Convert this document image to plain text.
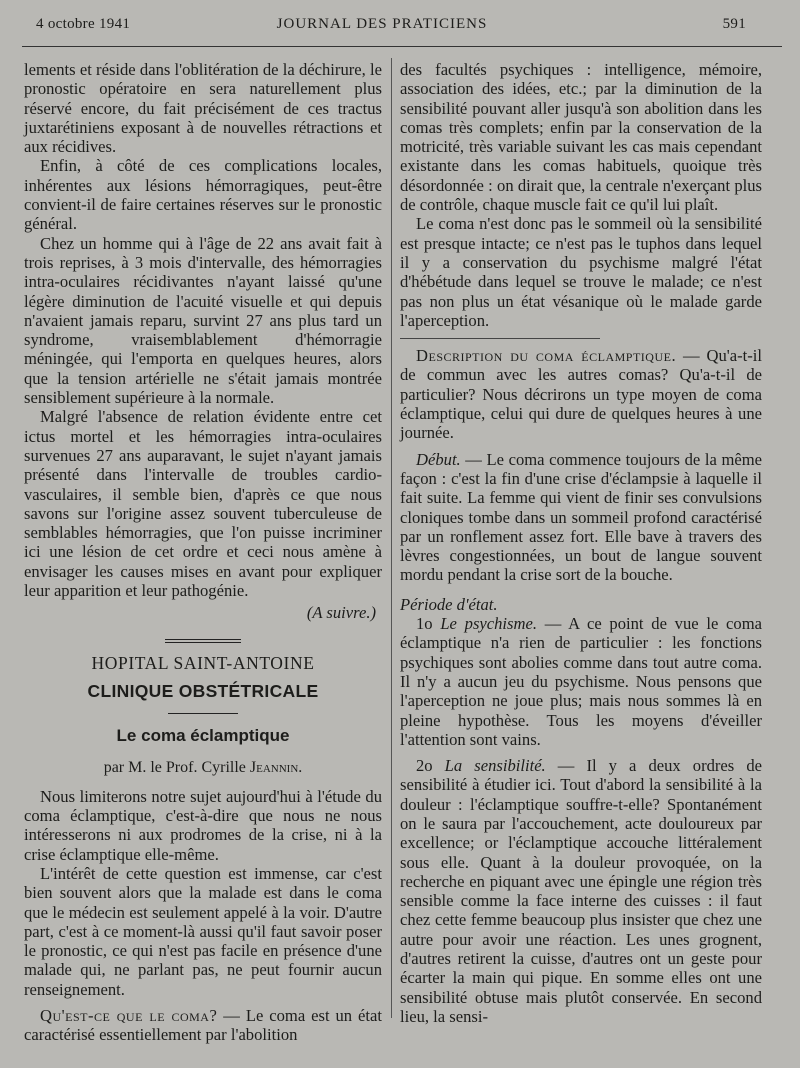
4 octobre 1941	JOURNAL DES PRATICIENS	591

lements et réside dans l'oblitération de la déchirure, le pronostic opératoire en sera naturellement plus réservé encore, du fait précisément de ces tractus juxtarétiniens exposant à de nouvelles rétractions et aux récidives.

Enfin, à côté de ces complications locales, inhérentes aux lésions hémorragiques, peut-être convient-il de faire certaines réserves sur le pronostic général.

Chez un homme qui à l'âge de 22 ans avait fait à trois reprises, à 3 mois d'intervalle, des hémorragies intra-oculaires récidivantes n'ayant laissé qu'une légère diminution de l'acuité visuelle et qui depuis n'avaient jamais reparu, survint 27 ans plus tard un syndrome, vraisemblablement d'hémorragie méningée, qui l'emporta en quelques heures, alors que la tension artérielle ne s'était jamais montrée sensiblement supérieure à la normale.

Malgré l'absence de relation évidente entre cet ictus mortel et les hémorragies intra-oculaires survenues 27 ans auparavant, le sujet n'ayant jamais présenté dans l'intervalle de troubles cardio-vasculaires, il semble bien, d'après ce que nous savons sur l'origine assez souvent tuberculeuse de semblables hémorragies, que l'on puisse incriminer ici une lésion de cet ordre et ceci nous amène à envisager les causes mises en avant pour expliquer leur apparition et leur pathogénie.

(A suivre.)
HOPITAL SAINT-ANTOINE
CLINIQUE OBSTÉTRICALE
Le coma éclamptique
par M. le Prof. Cyrille Jeannin.

Nous limiterons notre sujet aujourd'hui à l'étude du coma éclamptique, c'est-à-dire que nous ne nous intéresserons ni aux prodromes de la crise, ni à la crise éclamptique elle-même.

L'intérêt de cette question est immense, car c'est bien souvent alors que la malade est dans le coma que le médecin est seulement appelé à la voir. D'autre part, c'est à ce moment-là aussi qu'il faut savoir poser le pronostic, ce qui n'est pas facile en présence d'une malade qui, ne parlant pas, ne peut fournir aucun renseignement.

Qu'est-ce que le coma? — Le coma est un état caractérisé essentiellement par l'abolition

des facultés psychiques : intelligence, mémoire, association des idées, etc.; par la diminution de la sensibilité pouvant aller jusqu'à son abolition dans les comas très complets; enfin par la conservation de la motricité, très variable suivant les cas mais cependant existante dans les comas habituels, quoique très désordonnée : on dirait que, la centrale n'exerçant plus de contrôle, chaque muscle fait ce qu'il lui plaît.

Le coma n'est donc pas le sommeil où la sensibilité est presque intacte; ce n'est pas le tuphos dans lequel il y a conservation du psychisme malgré l'état d'hébétude dans lequel se trouve le malade; ce n'est pas non plus un état vésanique où le malade garde l'aperception.

Description du coma éclamptique. — Qu'a-t-il de commun avec les autres comas? Qu'a-t-il de particulier? Nous décrirons un type moyen de coma éclamptique, celui qui dure de quelques heures à une journée.

Début. — Le coma commence toujours de la même façon : c'est la fin d'une crise d'éclampsie à laquelle il fait suite. La femme qui vient de finir ses convulsions cloniques tombe dans un sommeil profond caractérisé par un ronflement assez fort. Elle bave à travers des lèvres congestionnées, un bout de langue souvent mordu pendant la crise sort de la bouche.

Période d'état.

1o Le psychisme. — A ce point de vue le coma éclamptique n'a rien de particulier : les fonctions psychiques sont abolies comme dans tout autre coma. Il n'y a aucun jeu du psychisme. Nous pensons que l'aperception ne joue plus; mais nous sommes là en pleine hypothèse. Tous les moyens d'éveiller l'attention sont vains.

2o La sensibilité. — Il y a deux ordres de sensibilité à étudier ici. Tout d'abord la sensibilité à la douleur : l'éclamptique souffre-t-elle? Spontanément on le saura par l'accouchement, acte douloureux par excellence; or l'éclamptique accouche littéralement sous elle. Quant à la douleur provoquée, on la recherche en piquant avec une épingle une région très sensible comme la face interne des cuisses : il faut chez cette femme beaucoup plus insister que chez une autre pour avoir une réaction. Les unes grognent, d'autres retirent la cuisse, d'autres ont un geste pour écarter la main qui pique. En somme elles ont une sensibilité obtuse mais plutôt conservée. En second lieu, la sensi-
